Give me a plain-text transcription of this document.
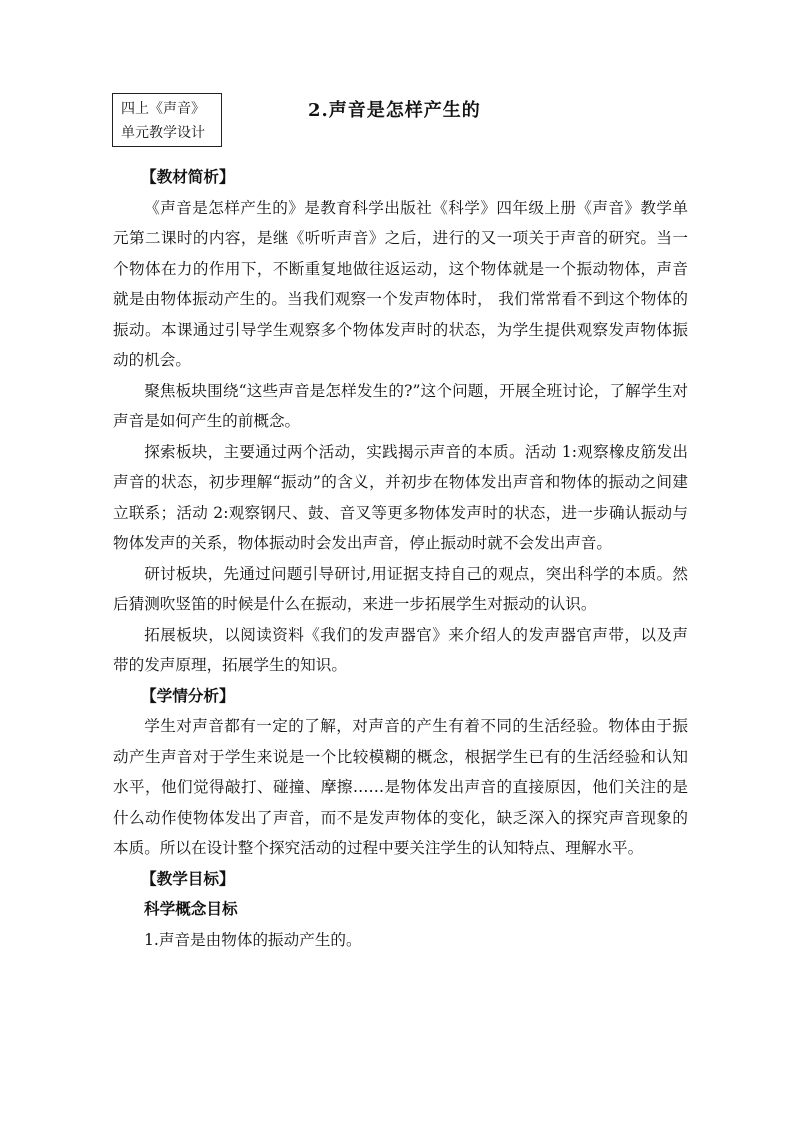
四上《声音》
单元教学设计
2.声音是怎样产生的
【教材简析】

《声音是怎样产生的》是教育科学出版社《科学》四年级上册《声音》教学单元第二课时的内容，是继《听听声音》之后，进行的又一项关于声音的研究。当一个物体在力的作用下，不断重复地做往返运动，这个物体就是一个振动物体，声音就是由物体振动产生的。当我们观察一个发声物体时， 我们常常看不到这个物体的振动。本课通过引导学生观察多个物体发声时的状态，为学生提供观察发声物体振动的机会。

聚焦板块围绕“这些声音是怎样发生的?”这个问题，开展全班讨论，了解学生对声音是如何产生的前概念。

探索板块，主要通过两个活动，实践揭示声音的本质。活动 1:观察橡皮筋发出声音的状态，初步理解“振动”的含义，并初步在物体发出声音和物体的振动之间建立联系；活动 2:观察钢尺、鼓、音叉等更多物体发声时的状态，进一步确认振动与物体发声的关系，物体振动时会发出声音，停止振动时就不会发出声音。

研讨板块，先通过问题引导研讨,用证据支持自己的观点，突出科学的本质。然后猜测吹竖笛的时候是什么在振动，来进一步拓展学生对振动的认识。

拓展板块，以阅读资料《我们的发声器官》来介绍人的发声器官声带，以及声带的发声原理，拓展学生的知识。

【学情分析】

学生对声音都有一定的了解，对声音的产生有着不同的生活经验。物体由于振动产生声音对于学生来说是一个比较模糊的概念，根据学生已有的生活经验和认知水平，他们觉得敲打、碰撞、摩擦……是物体发出声音的直接原因，他们关注的是什么动作使物体发出了声音，而不是发声物体的变化，缺乏深入的探究声音现象的本质。所以在设计整个探究活动的过程中要关注学生的认知特点、理解水平。

【教学目标】
科学概念目标
1.声音是由物体的振动产生的。
